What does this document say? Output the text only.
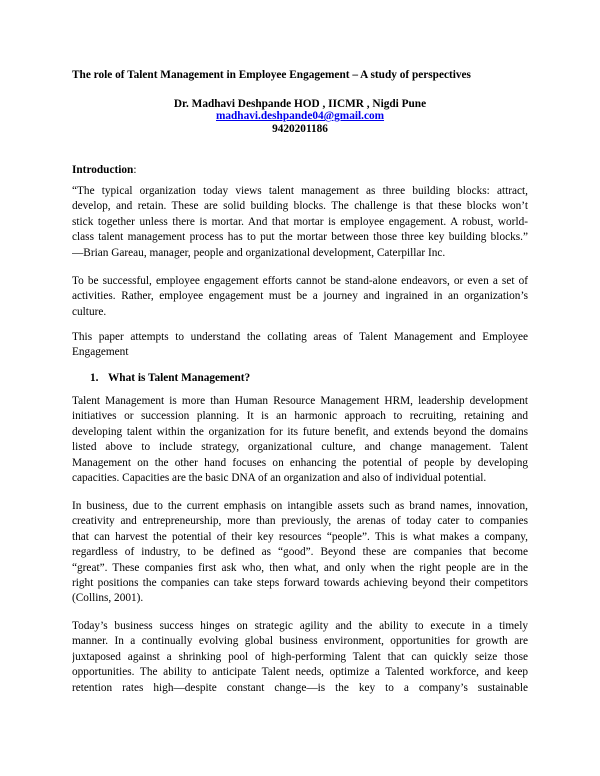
The role of Talent Management in Employee Engagement – A study of perspectives
Dr. Madhavi Deshpande HOD , IICMR , Nigdi Pune
madhavi.deshpande04@gmail.com
9420201186
Introduction:
“The typical organization today views talent management as three building blocks: attract,
develop, and retain. These are solid building blocks. The challenge is that these blocks won’t
stick together unless there is mortar. And that mortar is employee engagement. A robust, world-
class talent management process has to put the mortar between those three key building blocks.”
—Brian Gareau, manager, people and organizational development, Caterpillar Inc.
To be successful, employee engagement efforts cannot be stand-alone endeavors, or even a set of
activities. Rather, employee engagement must be a journey and ingrained in an organization’s
culture.
This paper attempts to understand the collating areas of Talent Management and Employee
Engagement
1. What is Talent Management?
Talent Management is more than Human Resource Management HRM, leadership development
initiatives or succession planning. It is an harmonic approach to recruiting, retaining and
developing talent within the organization for its future benefit, and extends beyond the domains
listed above to include strategy, organizational culture, and change management. Talent
Management on the other hand focuses on enhancing the potential of people by developing
capacities. Capacities are the basic DNA of an organization and also of individual potential.
In business, due to the current emphasis on intangible assets such as brand names, innovation,
creativity and entrepreneurship, more than previously, the arenas of today cater to companies
that can harvest the potential of their key resources “people”. This is what makes a company,
regardless of industry, to be defined as “good”. Beyond these are companies that become
“great”. These companies first ask who, then what, and only when the right people are in the
right positions the companies can take steps forward towards achieving beyond their competitors
(Collins, 2001).
Today’s business success hinges on strategic agility and the ability to execute in a timely
manner. In a continually evolving global business environment, opportunities for growth are
juxtaposed against a shrinking pool of high-performing Talent that can quickly seize those
opportunities. The ability to anticipate Talent needs, optimize a Talented workforce, and keep
retention rates high—despite constant change—is the key to a company’s sustainable
